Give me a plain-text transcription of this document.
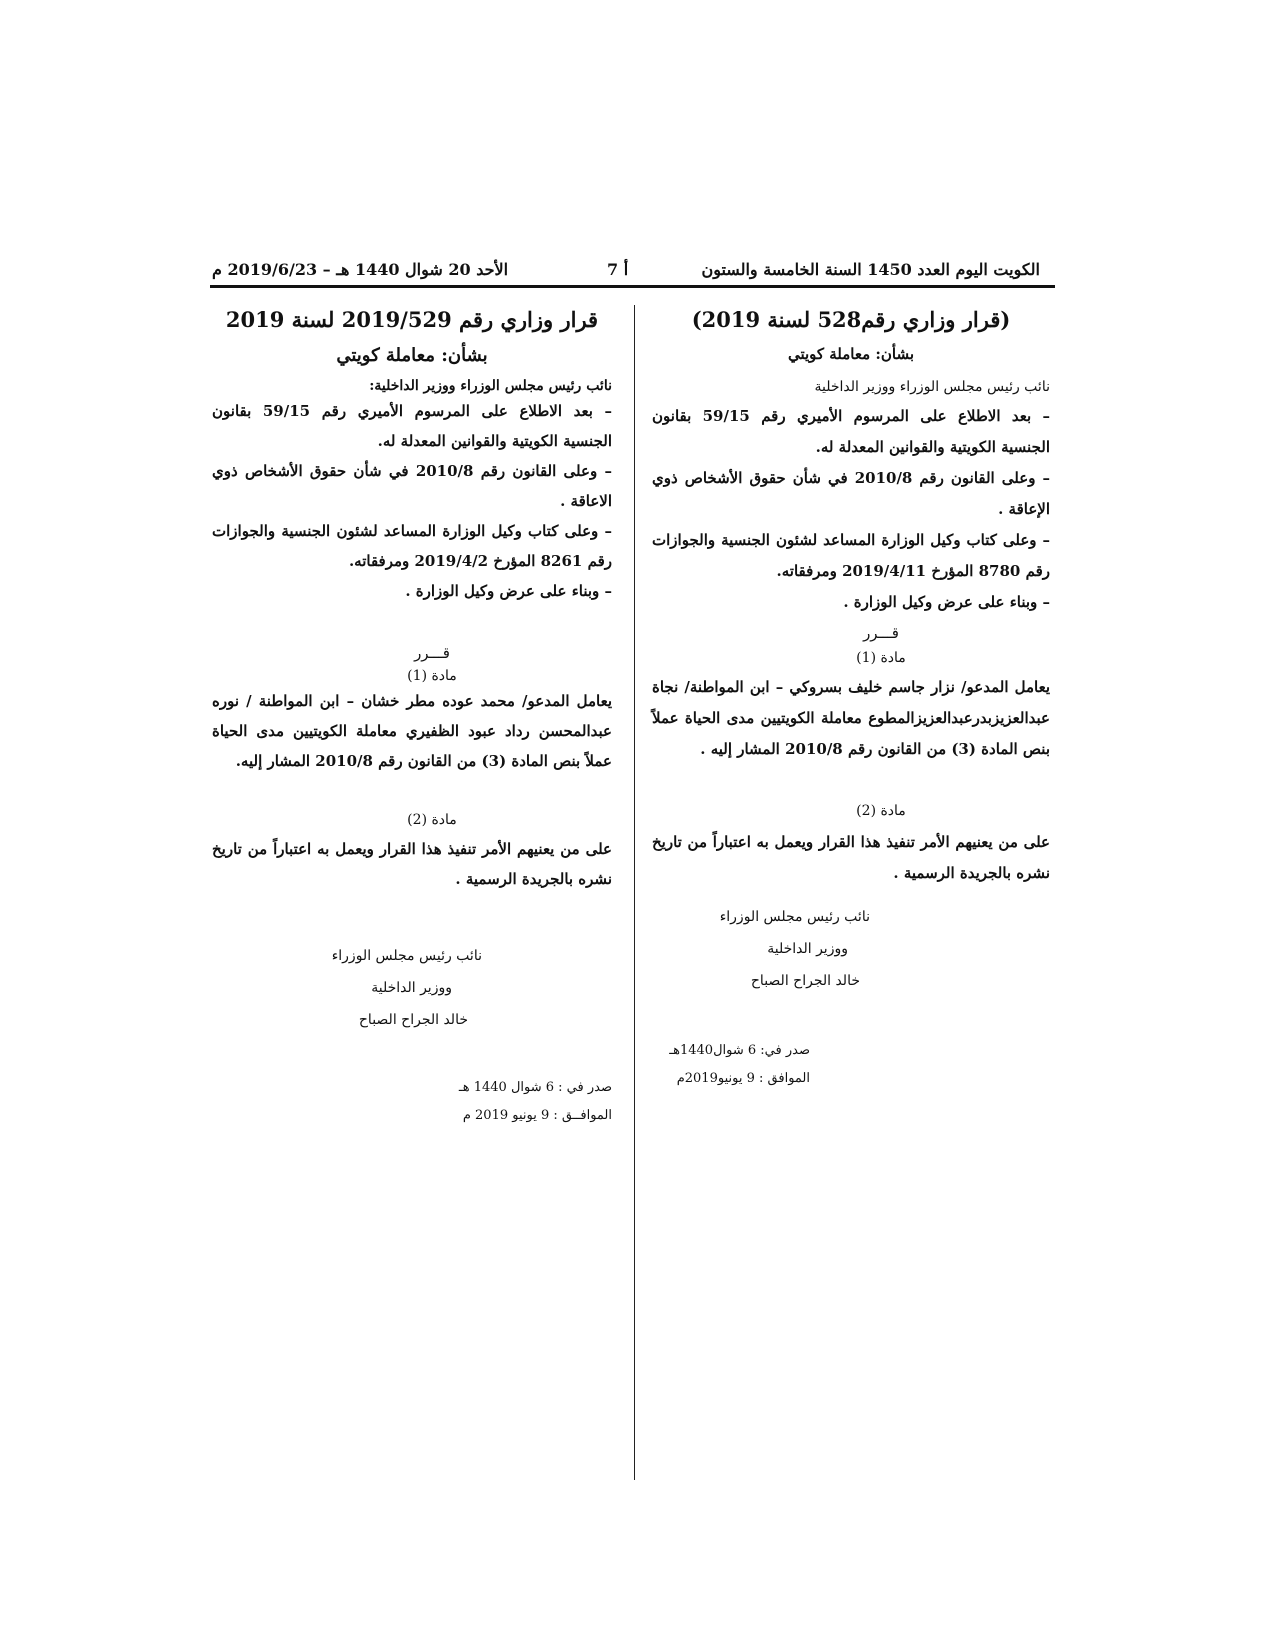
الكويت اليوم العدد 1450 السنة الخامسة والستون
أ 7
الأحد 20 شوال 1440 هـ – 2019/6/23 م

(قرار وزاري رقم528 لسنة 2019)

بشأن: معاملة كويتي

نائب رئيس مجلس الوزراء ووزير الداخلية

– بعد الاطلاع على المرسوم الأميري رقم 59/15 بقانون الجنسية الكويتية والقوانين المعدلة له.

– وعلى القانون رقم 2010/8 في شأن حقوق الأشخاص ذوي الإعاقة .

– وعلى كتاب وكيل الوزارة المساعد لشئون الجنسية والجوازات رقم 8780 المؤرخ 2019/4/11 ومرفقاته.

– وبناء على عرض وكيل الوزارة .

قـــرر

مادة (1)

يعامل المدعو/ نزار جاسم خليف بسروكي – ابن المواطنة/ نجاة عبدالعزيزبدرعبدالعزيزالمطوع معاملة الكويتيين مدى الحياة عملاً بنص المادة (3) من القانون رقم 2010/8 المشار إليه .

مادة (2)

على من يعنيهم الأمر تنفيذ هذا القرار ويعمل به اعتباراً من تاريخ نشره بالجريدة الرسمية .

نائب رئيس مجلس الوزراء

ووزير الداخلية

خالد الجراح الصباح

صدر في: 6 شوال1440هـ

الموافق : 9 يونيو2019م

قرار وزاري رقم 2019/529 لسنة 2019

بشأن: معاملة كويتي

نائب رئيس مجلس الوزراء ووزير الداخلية:

– بعد الاطلاع على المرسوم الأميري رقم 59/15 بقانون الجنسية الكويتية والقوانين المعدلة له.

– وعلى القانون رقم 2010/8 في شأن حقوق الأشخاص ذوي الاعاقة .

– وعلى كتاب وكيل الوزارة المساعد لشئون الجنسية والجوازات رقم 8261 المؤرخ 2019/4/2 ومرفقاته.

– وبناء على عرض وكيل الوزارة .

قـــرر

مادة (1)

يعامل المدعو/ محمد عوده مطر خشان – ابن المواطنة / نوره عبدالمحسن رداد عبود الظفيري معاملة الكويتيين مدى الحياة عملاً بنص المادة (3) من القانون رقم 2010/8 المشار إليه.

مادة (2)

على من يعنيهم الأمر تنفيذ هذا القرار ويعمل به اعتباراً من تاريخ نشره بالجريدة الرسمية .

نائب رئيس مجلس الوزراء

ووزير الداخلية

خالد الجراح الصباح

صدر في : 6 شوال 1440 هـ

الموافــق : 9 يونيو 2019 م
